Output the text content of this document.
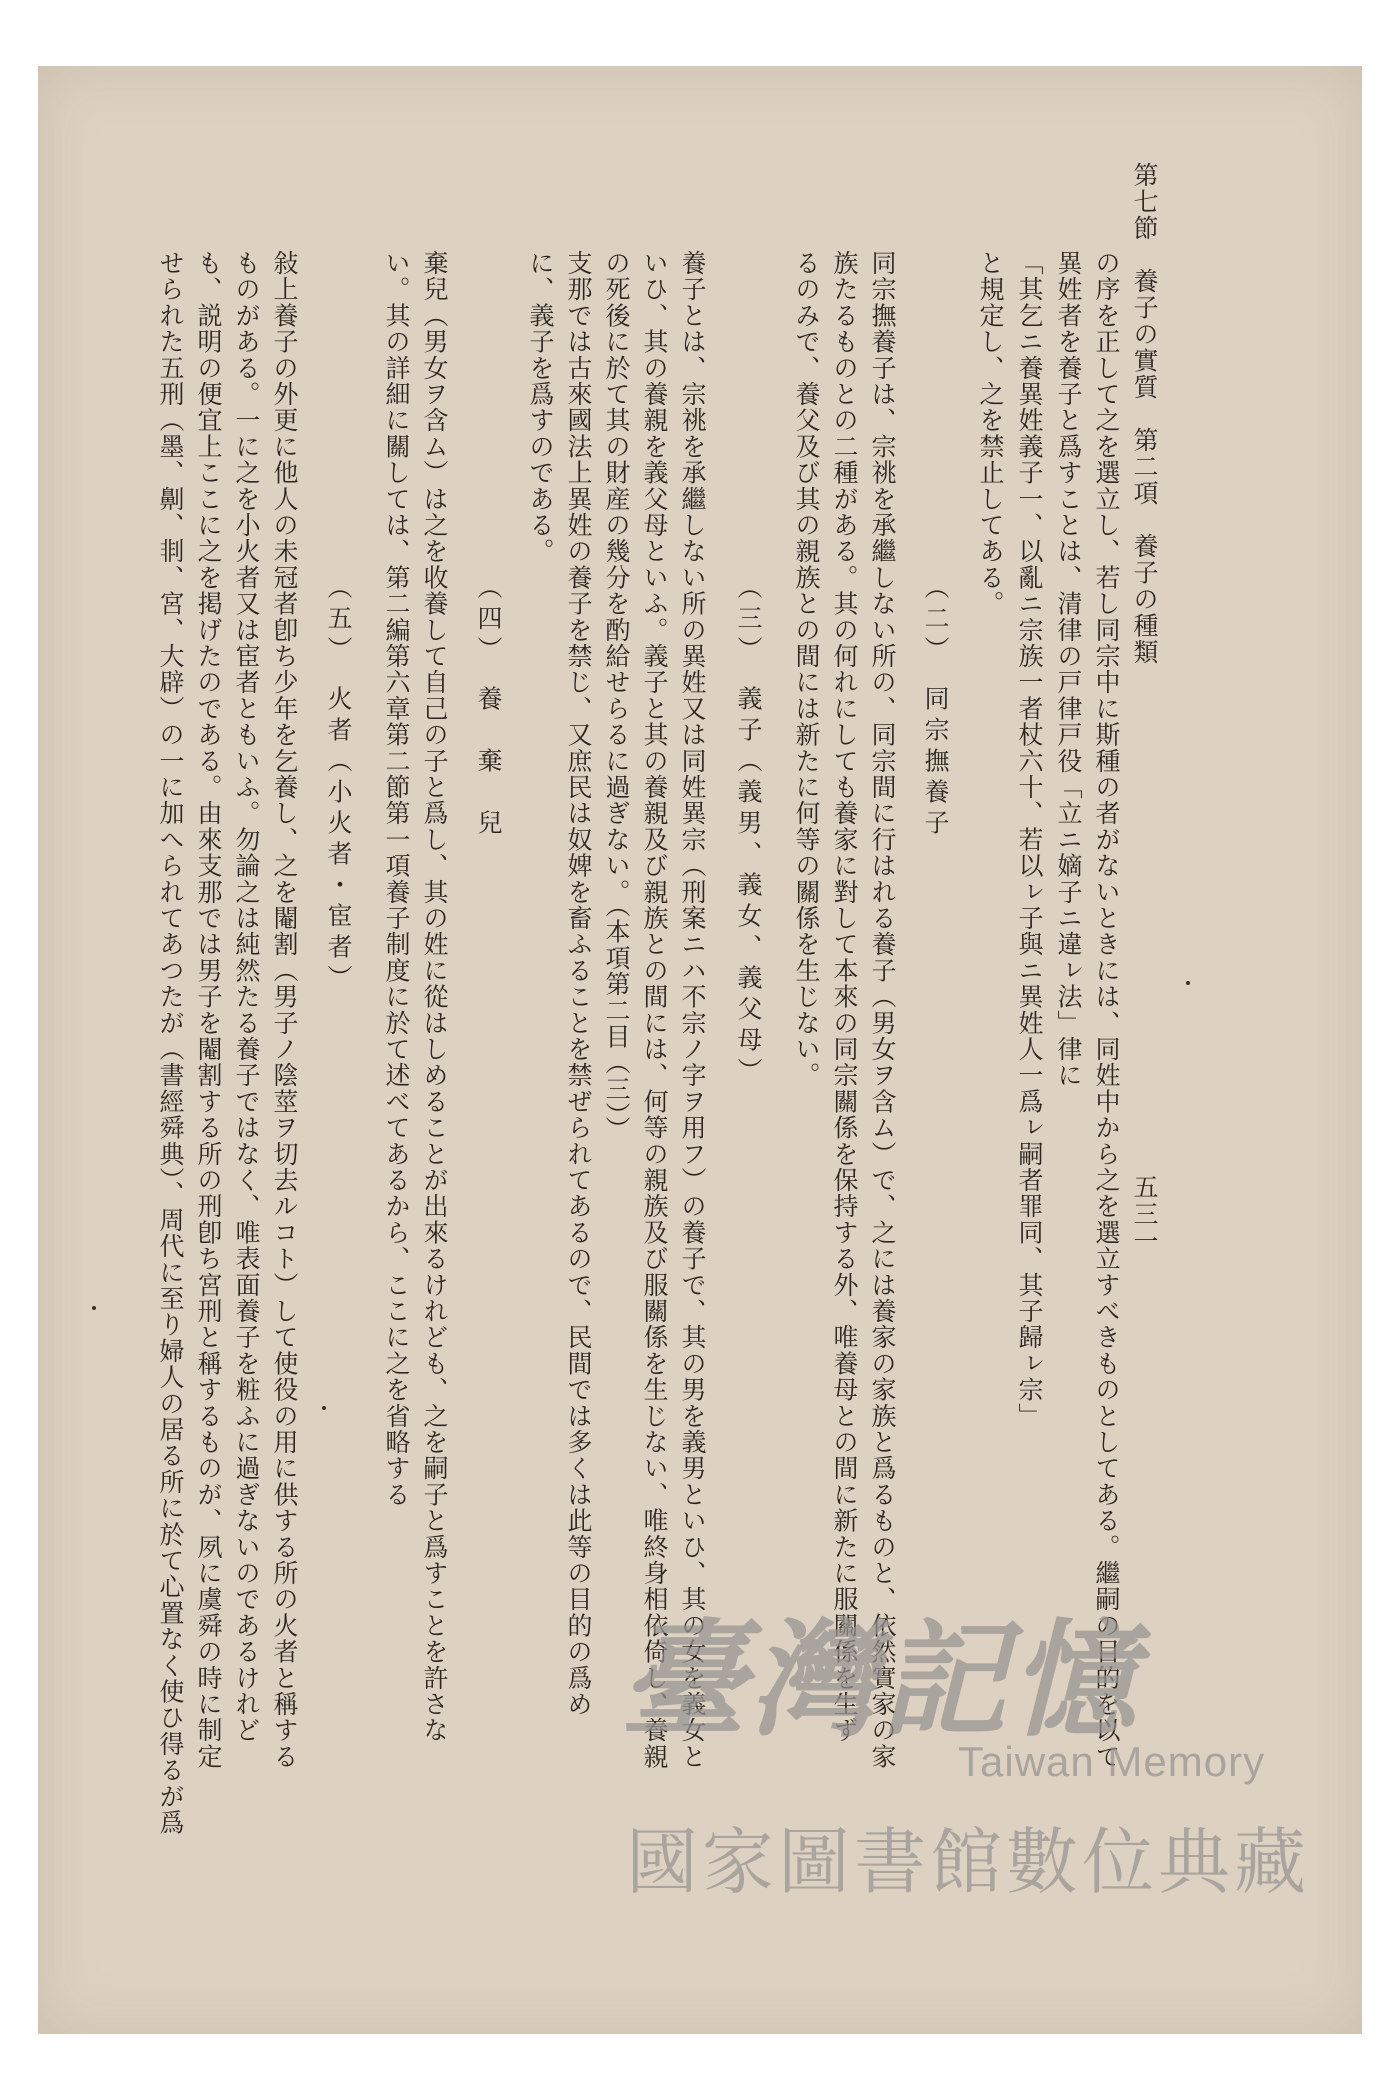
第七節　養子の實質　第二項　養子の種類
五三一
の序を正して之を選立し、若し同宗中に斯種の者がないときには、同姓中から之を選立すべきものとしてある。繼嗣の目的を以て
異姓者を養子と爲すことは、清律の戸律戸役「立ニ嫡子ニ違ㇾ法」律に
「其乞ニ養異姓義子一、以亂ニ宗族一者杖六十、若以ㇾ子與ニ異姓人一爲ㇾ嗣者罪同、其子歸ㇾ宗」
と規定し、之を禁止してある。
（二）　同宗撫養子
同宗撫養子は、宗祧を承繼しない所の、同宗間に行はれる養子（男女ヲ含ム）で、之には養家の家族と爲るものと、依然實家の家
族たるものとの二種がある。其の何れにしても養家に對して本來の同宗關係を保持する外、唯養母との間に新たに服關係を生ず
るのみで、養父及び其の親族との間には新たに何等の關係を生じない。
（三）　義子（義男、義女、義父母）
養子とは、宗祧を承繼しない所の異姓又は同姓異宗（刑案ニハ不宗ノ字ヲ用フ）の養子で、其の男を義男といひ、其の女を義女と
いひ、其の養親を義父母といふ。義子と其の養親及び親族との間には、何等の親族及び服關係を生じない、唯終身相依倚し、養親
の死後に於て其の財産の幾分を酌給せらるに過ぎない。（本項第二目（三））
支那では古來國法上異姓の養子を禁じ、又庶民は奴婢を畜ふることを禁ぜられてあるので、民間では多くは此等の目的の爲め
に、義子を爲すのである。
（四）　養　棄　兒
棄兒（男女ヲ含ム）は之を收養して自己の子と爲し、其の姓に從はしめることが出來るけれども、之を嗣子と爲すことを許さな
い。其の詳細に關しては、第二編第六章第二節第一項養子制度に於て述べてあるから、ここに之を省略する
（五）　火者（小火者・宦者）
敍上養子の外更に他人の未冠者卽ち少年を乞養し、之を閹割（男子ノ陰莖ヲ切去ルコト）して使役の用に供する所の火者と稱する
ものがある。一に之を小火者又は宦者ともいふ。勿論之は純然たる養子ではなく、唯表面養子を粧ふに過ぎないのであるけれど
も、説明の便宜上ここに之を掲げたのである。由來支那では男子を閹割する所の刑卽ち宮刑と稱するものが、夙に虞舜の時に制定
せられた五刑（墨、劓、剕、宮、大辟）の一に加へられてあつたが（書經舜典）、周代に至り婦人の居る所に於て心置なく使ひ得るが爲	臺灣記憶
Taiwan Memory
國家圖書館數位典藏
